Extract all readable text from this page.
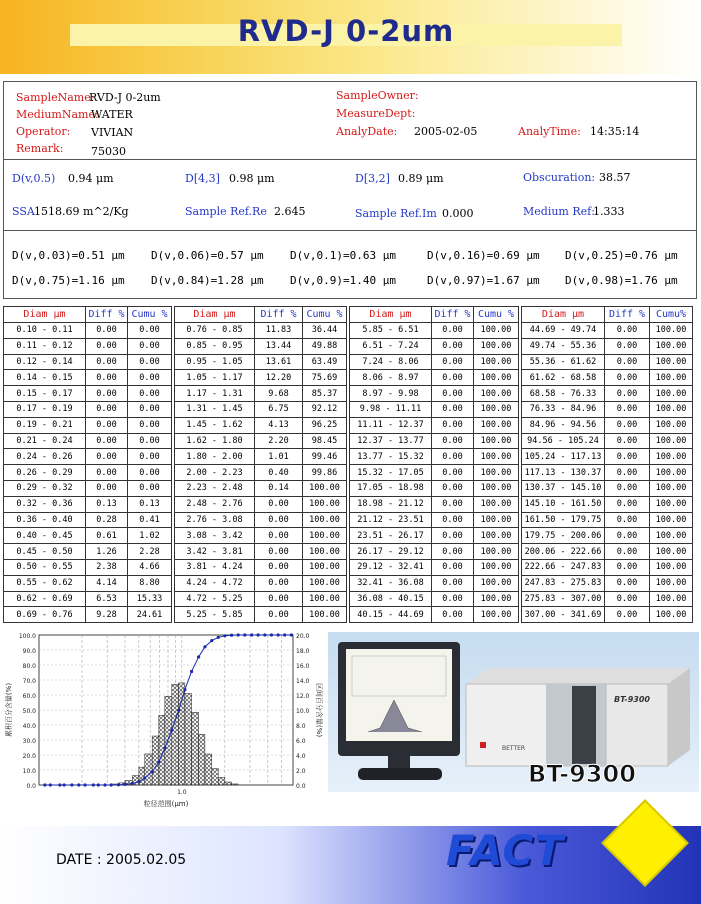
RVD-J 0-2um
SampleName:
RVD-J 0-2um
MediumName:
WATER
Operator: VIVIAN
Remark:	75030
SampleOwner:
MeasureDept:
AnalyDate: 2005-02-05	AnalyTime: 14:35:14
D(v,0.5) 0.94 μm	D[4,3] 0.98 μm	D[3,2] 0.89 μm	Obscuration: 38.57
SSA 1518.69 m^2/Kg	Sample Ref.Re 2.645	Sample Ref.Im 0.000	Medium Ref:
1.333
D(v,0.03)=0.51 μm D(v,0.06)=0.57 μm D(v,0.1)=0.63 μm	D(v,0.16)=0.69 μm D(v,0.25)=0.76 μm
D(v,0.75)=1.16 μm D(v,0.84)=1.28 μm D(v,0.9)=1.40 μm	D(v,0.97)=1.67 μm D(v,0.98)=1.76 μm
Diam μm	Diff %	Cumu %
0.10 - 0.11	0.00	0.00
0.11 - 0.12	0.00	0.00
0.12 - 0.14	0.00	0.00
0.14 - 0.15	0.00	0.00
0.15 - 0.17	0.00	0.00
0.17 - 0.19	0.00	0.00
0.19 - 0.21	0.00	0.00
0.21 - 0.24	0.00	0.00
0.24 - 0.26	0.00	0.00
0.26 - 0.29	0.00	0.00
0.29 - 0.32	0.00	0.00
0.32 - 0.36	0.13	0.13
0.36 - 0.40	0.28	0.41
0.40 - 0.45	0.61	1.02
0.45 - 0.50	1.26	2.28
0.50 - 0.55	2.38	4.66
0.55 - 0.62	4.14	8.80
0.62 - 0.69	6.53	15.33
0.69 - 0.76	9.28	24.61
Diam μm	Diff %	Cumu %
0.76 - 0.85	11.83	36.44
0.85 - 0.95	13.44	49.88
0.95 - 1.05	13.61	63.49
1.05 - 1.17	12.20	75.69
1.17 - 1.31	9.68	85.37
1.31 - 1.45	6.75	92.12
1.45 - 1.62	4.13	96.25
1.62 - 1.80	2.20	98.45
1.80 - 2.00	1.01	99.46
2.00 - 2.23	0.40	99.86
2.23 - 2.48	0.14	100.00
2.48 - 2.76	0.00	100.00
2.76 - 3.08	0.00	100.00
3.08 - 3.42	0.00	100.00
3.42 - 3.81	0.00	100.00
3.81 - 4.24	0.00	100.00
4.24 - 4.72	0.00	100.00
4.72 - 5.25	0.00	100.00
5.25 - 5.85	0.00	100.00
Diam μm	Diff %	Cumu %
5.85 - 6.51	0.00	100.00
6.51 - 7.24	0.00	100.00
7.24 - 8.06	0.00	100.00
8.06 - 8.97	0.00	100.00
8.97 - 9.98	0.00	100.00
9.98 - 11.11	0.00	100.00
11.11 - 12.37	0.00	100.00
12.37 - 13.77	0.00	100.00
13.77 - 15.32	0.00	100.00
15.32 - 17.05	0.00	100.00
17.05 - 18.98	0.00	100.00
18.98 - 21.12	0.00	100.00
21.12 - 23.51	0.00	100.00
23.51 - 26.17	0.00	100.00
26.17 - 29.12	0.00	100.00
29.12 - 32.41	0.00	100.00
32.41 - 36.08	0.00	100.00
36.08 - 40.15	0.00	100.00
40.15 - 44.69	0.00	100.00
Diam μm	Diff %	Cumu%
44.69 - 49.74	0.00	100.00
49.74 - 55.36	0.00	100.00
55.36 - 61.62	0.00	100.00
61.62 - 68.58	0.00	100.00
68.58 - 76.33	0.00	100.00
76.33 - 84.96	0.00	100.00
84.96 - 94.56	0.00	100.00
94.56 - 105.24	0.00	100.00
105.24 - 117.13	0.00	100.00
117.13 - 130.37	0.00	100.00
130.37 - 145.10	0.00	100.00
145.10 - 161.50	0.00	100.00
161.50 - 179.75	0.00	100.00
179.75 - 200.06	0.00	100.00
200.06 - 222.66	0.00	100.00
222.66 - 247.83	0.00	100.00
247.83 - 275.83	0.00	100.00
275.83 - 307.00	0.00	100.00
307.00 - 341.69	0.00	100.00
0.0
10.0
20.0
30.0
40.0
50.0
60.0
70.0
80.0
90.0
100.0
0.0
2.0
4.0
6.0
8.0
10.0
12.0
14.0
16.0
18.0
20.0
1.0
粒径范围(μm)
累积百分含量(%)	区间百分含量(%)
BETTER
BT-9300
BT-9300
DATE : 2005.02.05	FACT
